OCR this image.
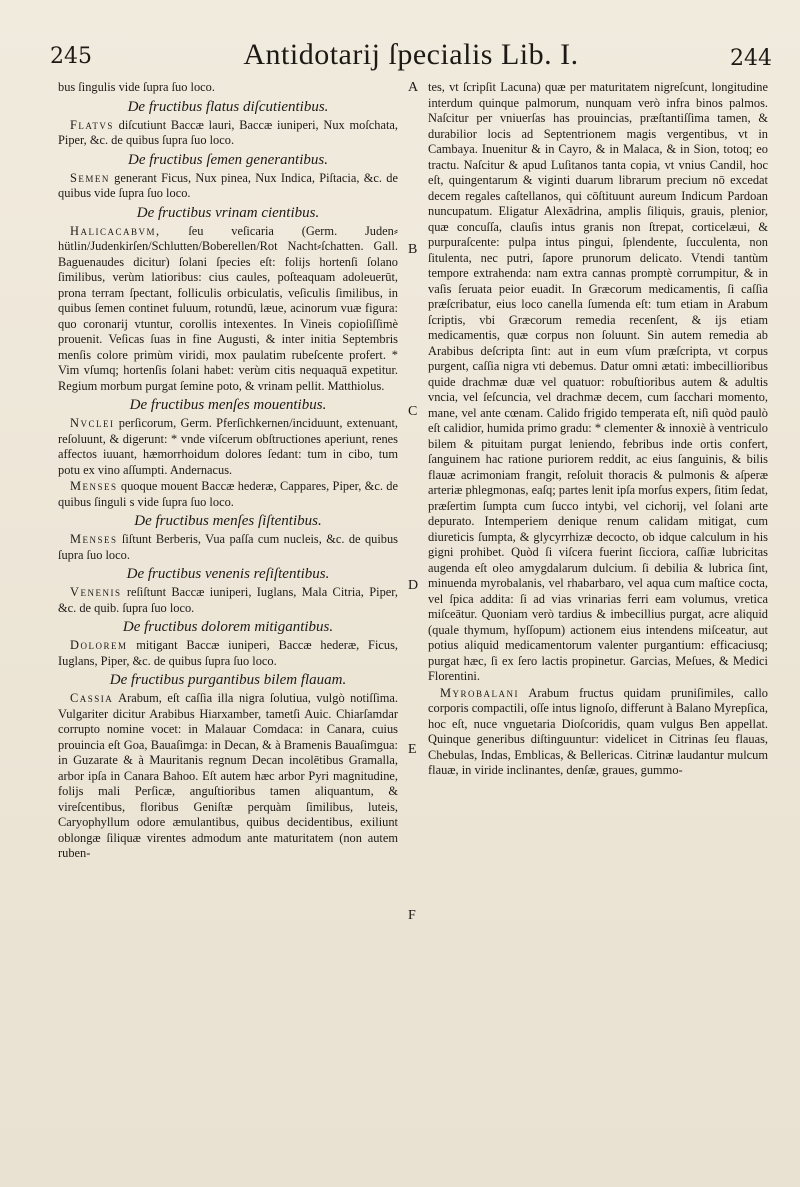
245	Antidotarij ſpecialis Lib. I.	244

bus ſingulis vide ſupra ſuo loco.

De fructibus flatus diſcutientibus.

Flatvs diſcutiunt Baccæ lauri, Baccæ iuniperi, Nux moſchata, Piper, &c. de quibus ſupra ſuo loco.

De fructibus ſemen generantibus.

Semen generant Ficus, Nux pinea, Nux Indica, Piſtacia, &c. de quibus vide ſupra ſuo loco.

De fructibus vrinam cientibus.

Halicacabvm, ſeu veſicaria (Germ. Juden⸗hütlin/Judenkirſen/Schlutten/Boberellen/Rot Nacht⸗ſchatten. Gall. Baguenaudes dicitur) ſolani ſpecies eſt: folijs hortenſi ſolano ſimilibus, verùm latioribus: cius caules, poſteaquam adoleuerūt, prona terram ſpectant, folliculis orbiculatis, veſiculis ſimilibus, in quibus ſemen continet fuluum, rotundū, læue, acinorum vuæ figura: quo coronarij vtuntur, corollis intexentes. In Vineis copioſiſſimè prouenit. Veſicas ſuas in fine Augusti, & inter initia Septembris menſis colore primùm viridi, mox paulatim rubeſcente profert. * Vim vſumq; hortenſis ſolani habet: verùm citis nequaquā expetitur. Regium morbum purgat ſemine poto, & vrinam pellit. Matthiolus.

De fructibus menſes mouentibus.

Nvclei perſicorum, Germ. Pferſichkernen/inciduunt, extenuant, reſoluunt, & digerunt: * vnde viſcerum obſtructiones aperiunt, renes affectos iuuant, hæmorrhoidum dolores ſedant: tum in cibo, tum potu ex vino aſſumpti. Andernacus.

Menses quoque mouent Baccæ hederæ, Cappares, Piper, &c. de quibus ſinguli s vide ſupra ſuo loco.

De fructibus menſes ſiſtentibus.

Menses ſiſtunt Berberis, Vua paſſa cum nucleis, &c. de quibus ſupra ſuo loco.

De fructibus venenis reſiſtentibus.

Venenis reſiſtunt Baccæ iuniperi, Iuglans, Mala Citria, Piper, &c. de quib. ſupra ſuo loco.

De fructibus dolorem mitigantibus.

Dolorem mitigant Baccæ iuniperi, Baccæ hederæ, Ficus, Iuglans, Piper, &c. de quibus ſupra ſuo loco.

De fructibus purgantibus bilem flauam.

Cassia Arabum, eſt caſſia illa nigra ſolutiua, vulgò notiſſima. Vulgariter dicitur Arabibus Hiarxamber, tametſi Auic. Chiarſamdar corrupto nomine vocet: in Malauar Comdaca: in Canara, cuius prouincia eſt Goa, Bauaſimga: in Decan, & à Bramenis Bauaſimgua: in Guzarate & à Mauritanis regnum Decan incolētibus Gramalla, arbor ipſa in Canara Bahoo. Eſt autem hæc arbor Pyri magnitudine, folijs mali Perſicæ, anguſtioribus tamen aliquantum, & vireſcentibus, floribus Geniſtæ perquàm ſimilibus, luteis, Caryophyllum odore æmulantibus, quibus decidentibus, exiliunt oblongæ ſiliquæ virentes admodum ante maturitatem (non autem ruben-

A
B
C
D
E
F

tes, vt ſcripſit Lacuna) quæ per maturitatem nigreſcunt, longitudine interdum quinque palmorum, nunquam verò infra binos palmos. Naſcitur per vniuerſas has prouincias, præſtantiſſima tamen, & durabilior locis ad Septentrionem magis vergentibus, vt in Cambaya. Inuenitur & in Cayro, & in Malaca, & in Sion, totoq; eo tractu. Naſcitur & apud Luſitanos tanta copia, vt vnius Candil, hoc eſt, quingentarum & viginti duarum librarum precium nō excedat decem regales caſtellanos, qui cōſtituunt aureum Indicum Pardoan nuncupatum. Eligatur Alexādrina, amplis ſiliquis, grauis, plenior, quæ concuſſa, clauſis intus granis non ſtrepat, corticelæui, & purpuraſcente: pulpa intus pingui, ſplendente, ſucculenta, non ſitulenta, nec putri, ſapore prunorum delicato. Vtendi tantùm tempore extrahenda: nam extra cannas promptè corrumpitur, & in vaſis ſeruata peior euadit. In Græcorum medicamentis, ſi caſſia præſcribatur, eius loco canella ſumenda eſt: tum etiam in Arabum ſcriptis, vbi Græcorum remedia recenſent, & ijs etiam medicamentis, quæ corpus non ſoluunt. Sin autem remedia ab Arabibus deſcripta ſint: aut in eum vſum præſcripta, vt corpus purgent, caſſia nigra vti debemus. Datur omni ætati: imbecillioribus quide drachmæ duæ vel quatuor: robuſtioribus autem & adultis vncia, vel ſeſcuncia, vel drachmæ decem, cum ſacchari momento, mane, vel ante cœnam. Calido frigido temperata eſt, niſi quòd paulò eſt calidior, humida primo gradu: * clementer & innoxiè à ventriculo bilem & pituitam purgat leniendo, febribus inde ortis confert, ſanguinem hac ratione puriorem reddit, ac eius ſanguinis, & bilis flauæ acrimoniam frangit, reſoluit thoracis & pulmonis & aſperæ arteriæ phlegmonas, eaſq; partes lenit ipſa morſus expers, ſitim ſedat, præſertim ſumpta cum ſucco intybi, vel cichorij, vel ſolani arte depurato. Intemperiem denique renum calidam mitigat, cum diureticis ſumpta, & glycyrrhizæ decocto, ob idque calculum in his gigni prohibet. Quòd ſi viſcera fuerint ſicciora, caſſiæ lubricitas augenda eſt oleo amygdalarum dulcium. ſi debilia & lubrica ſint, minuenda myrobalanis, vel rhabarbaro, vel aqua cum maſtice cocta, vel ſpica addita: ſi ad vias vrinarias ferri eam volumus, vretica miſceātur. Quoniam verò tardius & imbecillius purgat, acre aliquid (quale thymum, hyſſopum) actionem eius intendens miſceatur, aut potius aliquid medicamentorum valenter purgantium: efficaciusq; purgat hæc, ſi ex ſero lactis propinetur. Garcias, Meſues, & Medici Florentini.

Myrobalani Arabum fructus quidam pruniſimiles, callo corporis compactili, oſſe intus lignoſo, differunt à Balano Myrepſica, hoc eſt, nuce vnguetaria Dioſcoridis, quam vulgus Ben appellat. Quinque generibus diſtinguuntur: videlicet in Citrinas ſeu flauas, Chebulas, Indas, Emblicas, & Bellericas. Citrinæ laudantur mulcum flauæ, in viride inclinantes, denſæ, graues, gummo-
